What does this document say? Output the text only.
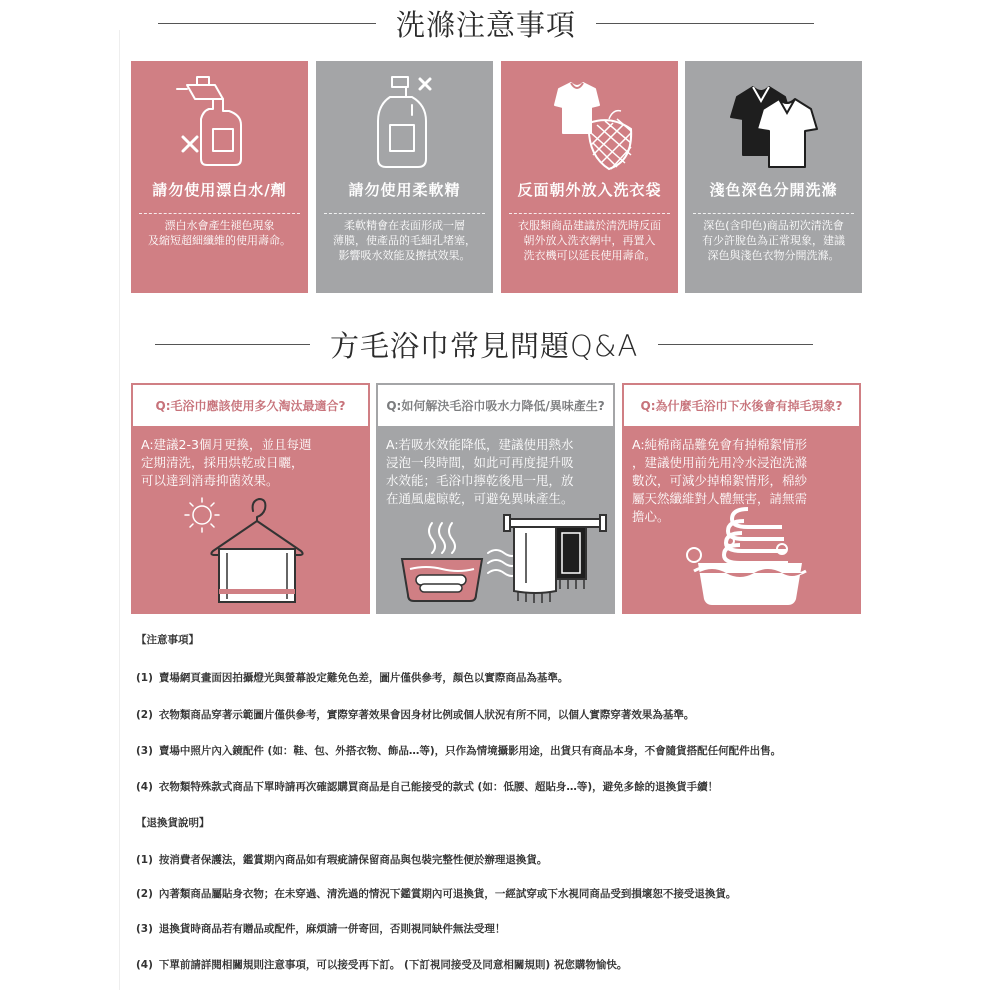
洗滌注意事項
請勿使用漂白水/劑
漂白水會產生褪色現象
及縮短超細纖維的使用壽命。
請勿使用柔軟精
柔軟精會在表面形成一層
薄膜，使產品的毛細孔堵塞，
影響吸水效能及擦拭效果。
反面朝外放入洗衣袋
衣服類商品建議於清洗時反面
朝外放入洗衣網中，再置入
洗衣機可以延長使用壽命。
淺色深色分開洗滌
深色(含印色)商品初次清洗會
有少許脫色為正常現象，建議
深色與淺色衣物分開洗滌。
方毛浴巾常見問題Q&A
Q:毛浴巾應該使用多久淘汰最適合?
A:建議2-3個月更換，並且每週
定期清洗，採用烘乾或日曬，
可以達到消毒抑菌效果。
Q:如何解決毛浴巾吸水力降低/異味產生?
A:若吸水效能降低，建議使用熱水
浸泡一段時間，如此可再度提升吸
水效能；毛浴巾擰乾後甩一甩，放
在通風處晾乾，可避免異味產生。
Q:為什麼毛浴巾下水後會有掉毛現象?
A:純棉商品難免會有掉棉絮情形
，建議使用前先用冷水浸泡洗滌
數次，可減少掉棉絮情形，棉紗
屬天然纖維對人體無害，請無需
擔心。
【注意事項】
(1) 賣場網頁畫面因拍攝燈光與螢幕設定難免色差，圖片僅供參考，顏色以實際商品為基準。
(2) 衣物類商品穿著示範圖片僅供參考，實際穿著效果會因身材比例或個人狀況有所不同，以個人實際穿著效果為基準。
(3) 賣場中照片內入鏡配件 (如：鞋、包、外搭衣物、飾品…等)，只作為情境攝影用途，出貨只有商品本身，不會隨貨搭配任何配件出售。
(4) 衣物類特殊款式商品下單時請再次確認購買商品是自己能接受的款式 (如：低腰、超貼身…等)，避免多餘的退換貨手續！
【退換貨說明】
(1) 按消費者保護法，鑑賞期內商品如有瑕疵請保留商品與包裝完整性便於辦理退換貨。
(2) 內著類商品屬貼身衣物；在未穿過、清洗過的情況下鑑賞期內可退換貨，一經試穿或下水視同商品受到損壞恕不接受退換貨。
(3) 退換貨時商品若有贈品或配件，麻煩請一併寄回，否則視同缺件無法受理！
(4) 下單前請詳閱相關規則注意事項，可以接受再下訂。 (下訂視同接受及同意相關規則) 祝您購物愉快。
